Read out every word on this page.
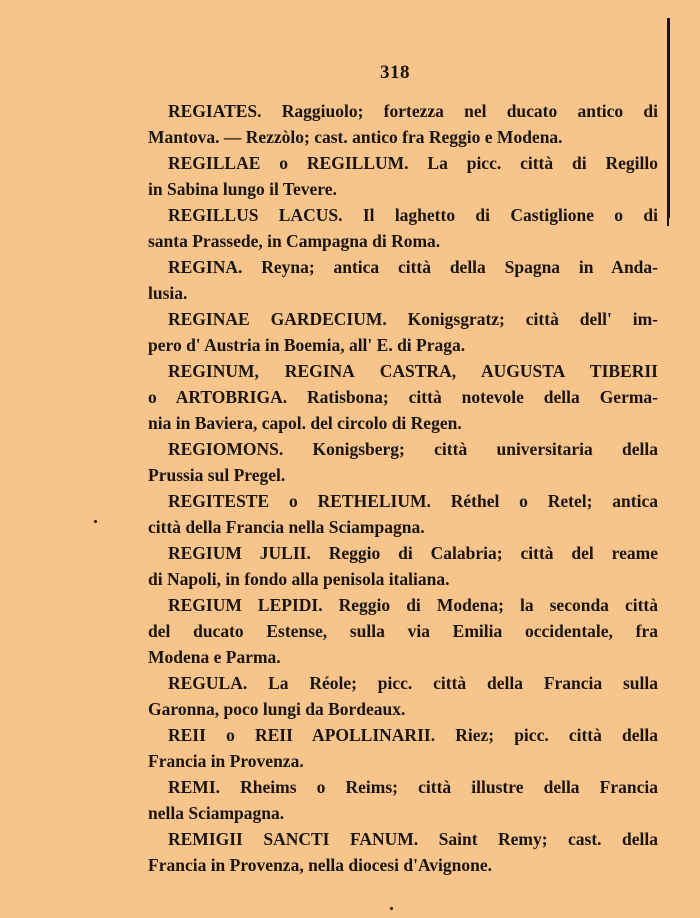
318
REGIATES. Raggiuolo; fortezza nel ducato antico di
Mantova. — Rezzòlo; cast. antico fra Reggio e Modena.
REGILLAE o REGILLUM. La picc. città di Regillo
in Sabina lungo il Tevere.
REGILLUS LACUS. Il laghetto di Castiglione o di
santa Prassede, in Campagna di Roma.
REGINA. Reyna; antica città della Spagna in Anda-
lusia.
REGINAE GARDECIUM. Konigsgratz; città dell' im-
pero d' Austria in Boemia, all' E. di Praga.
REGINUM, REGINA CASTRA, AUGUSTA TIBERII
o ARTOBRIGA. Ratisbona; città notevole della Germa-
nia in Baviera, capol. del circolo di Regen.
REGIOMONS. Konigsberg; città universitaria della
Prussia sul Pregel.
REGITESTE o RETHELIUM. Réthel o Retel; antica
città della Francia nella Sciampagna.
REGIUM JULII. Reggio di Calabria; città del reame
di Napoli, in fondo alla penisola italiana.
REGIUM LEPIDI. Reggio di Modena; la seconda città
del ducato Estense, sulla via Emilia occidentale, fra
Modena e Parma.
REGULA. La Réole; picc. città della Francia sulla
Garonna, poco lungi da Bordeaux.
REII o REII APOLLINARII. Riez; picc. città della
Francia in Provenza.
REMI. Rheims o Reims; città illustre della Francia
nella Sciampagna.
REMIGII SANCTI FANUM. Saint Remy; cast. della
Francia in Provenza, nella diocesi d'Avignone.
